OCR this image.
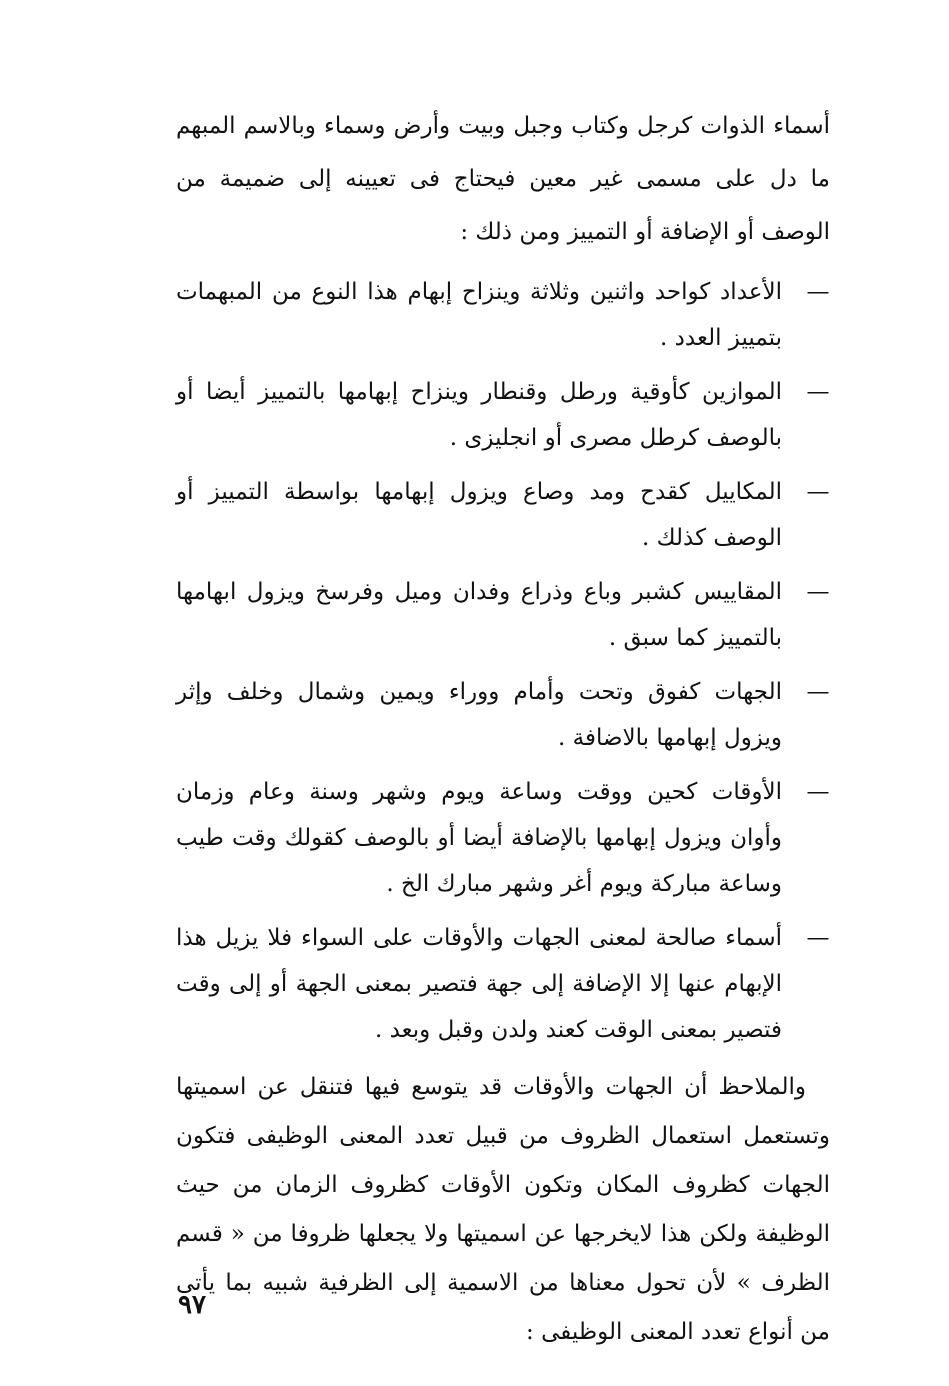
أسماء الذوات كرجل وكتاب وجبل وبيت وأرض وسماء وبالاسم المبهم ما دل على مسمى غير معين فيحتاج فى تعيينه إلى ضميمة من الوصف أو الإضافة أو التمييز ومن ذلك :

—
الأعداد كواحد واثنين وثلاثة وينزاح إبهام هذا النوع من المبهمات بتمييز العدد .
—
الموازين كأوقية ورطل وقنطار وينزاح إبهامها بالتمييز أيضا أو بالوصف كرطل مصرى أو انجليزى .
—
المكاييل كقدح ومد وصاع ويزول إبهامها بواسطة التمييز أو الوصف كذلك .
—
المقاييس كشبر وباع وذراع وفدان وميل وفرسخ ويزول ابهامها بالتمييز كما سبق .
—
الجهات كفوق وتحت وأمام ووراء ويمين وشمال وخلف وإثر ويزول إبهامها بالاضافة .
—
الأوقات كحين ووقت وساعة ويوم وشهر وسنة وعام وزمان وأوان ويزول إبهامها بالإضافة أيضا أو بالوصف كقولك وقت طيب وساعة مباركة ويوم أغر وشهر مبارك الخ .
—
أسماء صالحة لمعنى الجهات والأوقات على السواء فلا يزيل هذا الإبهام عنها إلا الإضافة إلى جهة فتصير بمعنى الجهة أو إلى وقت فتصير بمعنى الوقت كعند ولدن وقبل وبعد .

والملاحظ أن الجهات والأوقات قد يتوسع فيها فتنقل عن اسميتها وتستعمل استعمال الظروف من قبيل تعدد المعنى الوظيفى فتكون الجهات كظروف المكان وتكون الأوقات كظروف الزمان من حيث الوظيفة ولكن هذا لايخرجها عن اسميتها ولا يجعلها ظروفا من « قسم الظرف » لأن تحول معناها من الاسمية إلى الظرفية شبيه بما يأتى من أنواع تعدد المعنى الوظيفى :

٩٧
